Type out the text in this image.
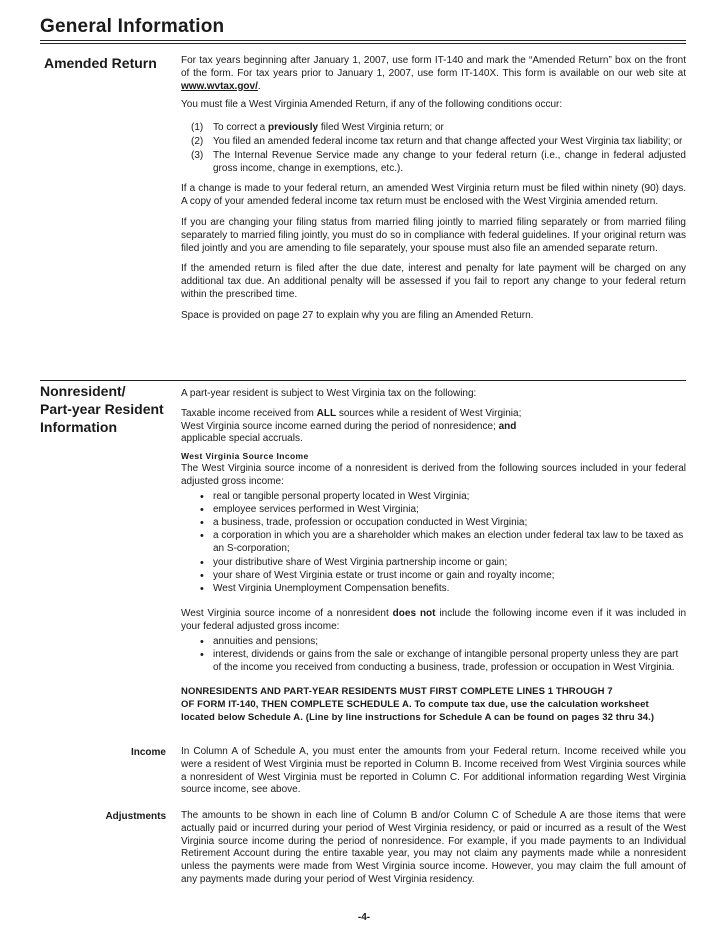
General Information
Amended Return For tax years beginning after January 1, 2007, use form IT-140 and mark the “Amended Return” box on the front of the form. For tax years prior to January 1, 2007, use form IT-140X. This form is available on our web site at www.wvtax.gov/.

You must file a West Virginia Amended Return, if any of the following conditions occur:

(1) To correct a previously filed West Virginia return; or
(2) You filed an amended federal income tax return and that change affected your West Virginia tax liability; or
(3) The Internal Revenue Service made any change to your federal return (i.e., change in federal adjusted gross income, change in exemptions, etc.).

If a change is made to your federal return, an amended West Virginia return must be filed within ninety (90) days. A copy of your amended federal income tax return must be enclosed with the West Virginia amended return.

If you are changing your filing status from married filing jointly to married filing separately or from married filing separately to married filing jointly, you must do so in compliance with federal guidelines. If your original return was filed jointly and you are amending to file separately, your spouse must also file an amended separate return.

If the amended return is filed after the due date, interest and penalty for late payment will be charged on any additional tax due. An additional penalty will be assessed if you fail to report any change to your federal return within the prescribed time.

Space is provided on page 27 to explain why you are filing an Amended Return.

Nonresident/
Part-year Resident
Information

A part-year resident is subject to West Virginia tax on the following:

Taxable income received from ALL sources while a resident of West Virginia;
West Virginia source income earned during the period of nonresidence; and
applicable special accruals.

West Virginia Source Income

The West Virginia source income of a nonresident is derived from the following sources included in your federal adjusted gross income:

• real or tangible personal property located in West Virginia;
• employee services performed in West Virginia;
• a business, trade, profession or occupation conducted in West Virginia;
• a corporation in which you are a shareholder which makes an election under federal tax law to be taxed as an S-corporation;
• your distributive share of West Virginia partnership income or gain;
• your share of West Virginia estate or trust income or gain and royalty income;
• West Virginia Unemployment Compensation benefits.

West Virginia source income of a nonresident does not include the following income even if it was included in your federal adjusted gross income:

• annuities and pensions;
• interest, dividends or gains from the sale or exchange of intangible personal property unless they are part of the income you received from conducting a business, trade, profession or occupation in West Virginia.
NONRESIDENTS AND PART-YEAR RESIDENTS MUST FIRST COMPLETE LINES 1 THROUGH 7
OF FORM IT-140, THEN COMPLETE SCHEDULE A. To compute tax due, use the calculation worksheet
located below Schedule A. (Line by line instructions for Schedule A can be found on pages 32 thru 34.)
Income In Column A of Schedule A, you must enter the amounts from your Federal return. Income received while you were a resident of West Virginia must be reported in Column B. Income received from West Virginia sources while a nonresident of West Virginia must be reported in Column C. For additional information regarding West Virginia source income, see above.

Adjustments The amounts to be shown in each line of Column B and/or Column C of Schedule A are those items that were actually paid or incurred during your period of West Virginia residency, or paid or incurred as a result of the West Virginia source income during the period of nonresidence. For example, if you made payments to an Individual Retirement Account during the entire taxable year, you may not claim any payments made while a nonresident unless the payments were made from West Virginia source income. However, you may claim the full amount of any payments made during your period of West Virginia residency.

-4-
